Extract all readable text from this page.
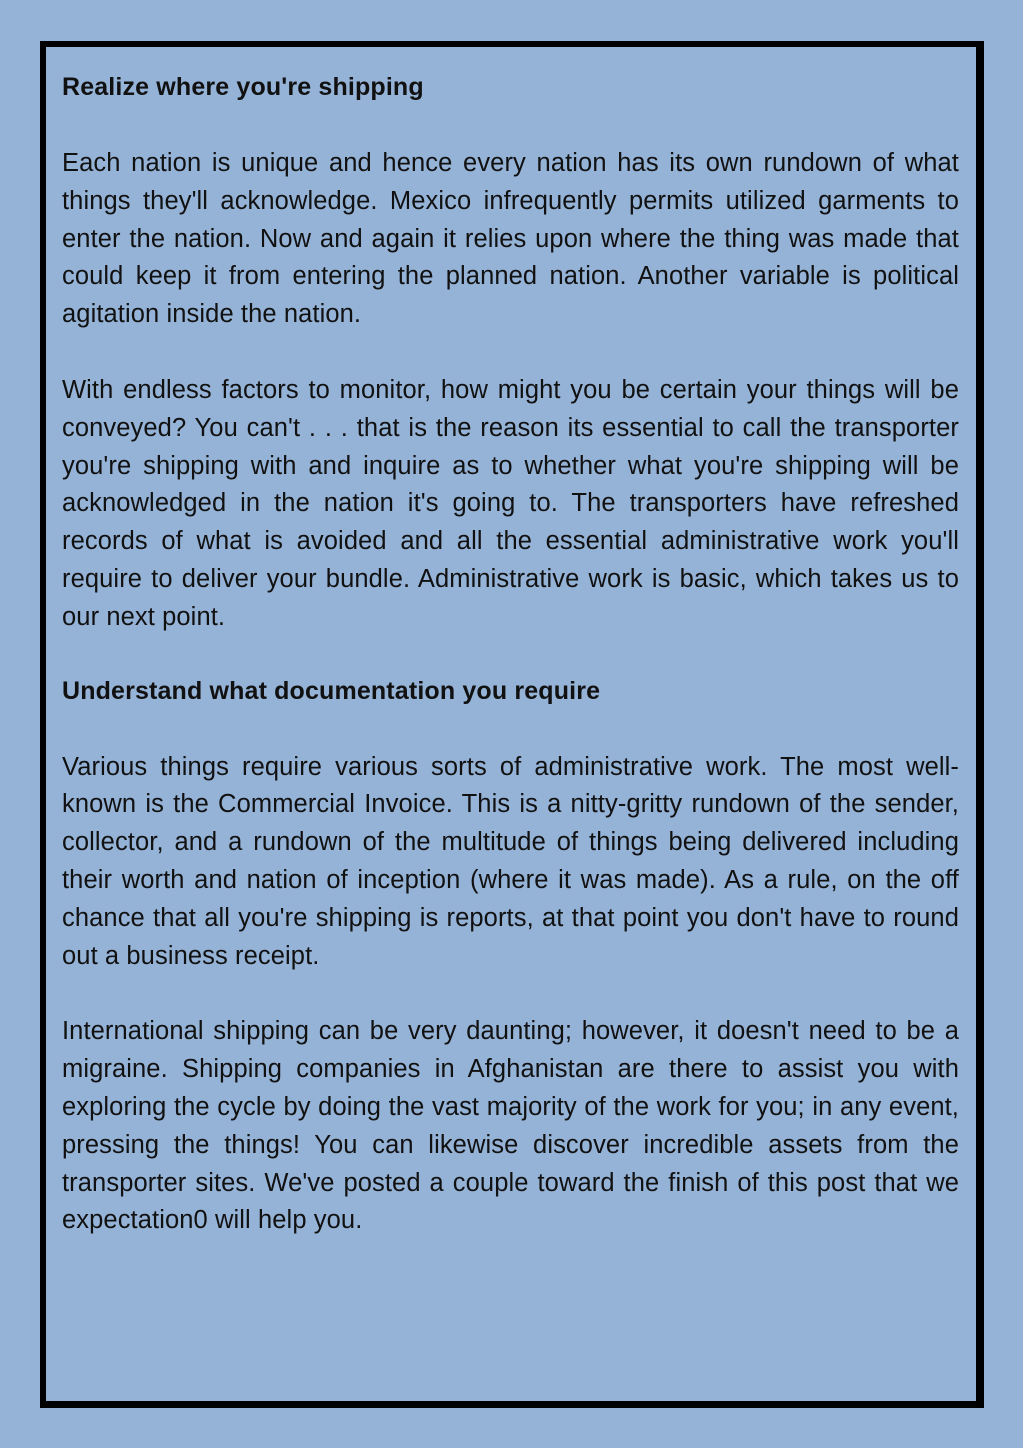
Realize where you're shipping

Each nation is unique and hence every nation has its own rundown of what things they'll acknowledge. Mexico infrequently permits utilized garments to enter the nation. Now and again it relies upon where the thing was made that could keep it from entering the planned nation. Another variable is political agitation inside the nation.

With endless factors to monitor, how might you be certain your things will be conveyed? You can't . . . that is the reason its essential to call the transporter you're shipping with and inquire as to whether what you're shipping will be acknowledged in the nation it's going to. The transporters have refreshed records of what is avoided and all the essential administrative work you'll require to deliver your bundle. Administrative work is basic, which takes us to our next point.

Understand what documentation you require

Various things require various sorts of administrative work. The most well-known is the Commercial Invoice. This is a nitty-gritty rundown of the sender, collector, and a rundown of the multitude of things being delivered including their worth and nation of inception (where it was made). As a rule, on the off chance that all you're shipping is reports, at that point you don't have to round out a business receipt.

International shipping can be very daunting; however, it doesn't need to be a migraine. Shipping companies in Afghanistan are there to assist you with exploring the cycle by doing the vast majority of the work for you; in any event, pressing the things! You can likewise discover incredible assets from the transporter sites. We've posted a couple toward the finish of this post that we expectation0 will help you.
